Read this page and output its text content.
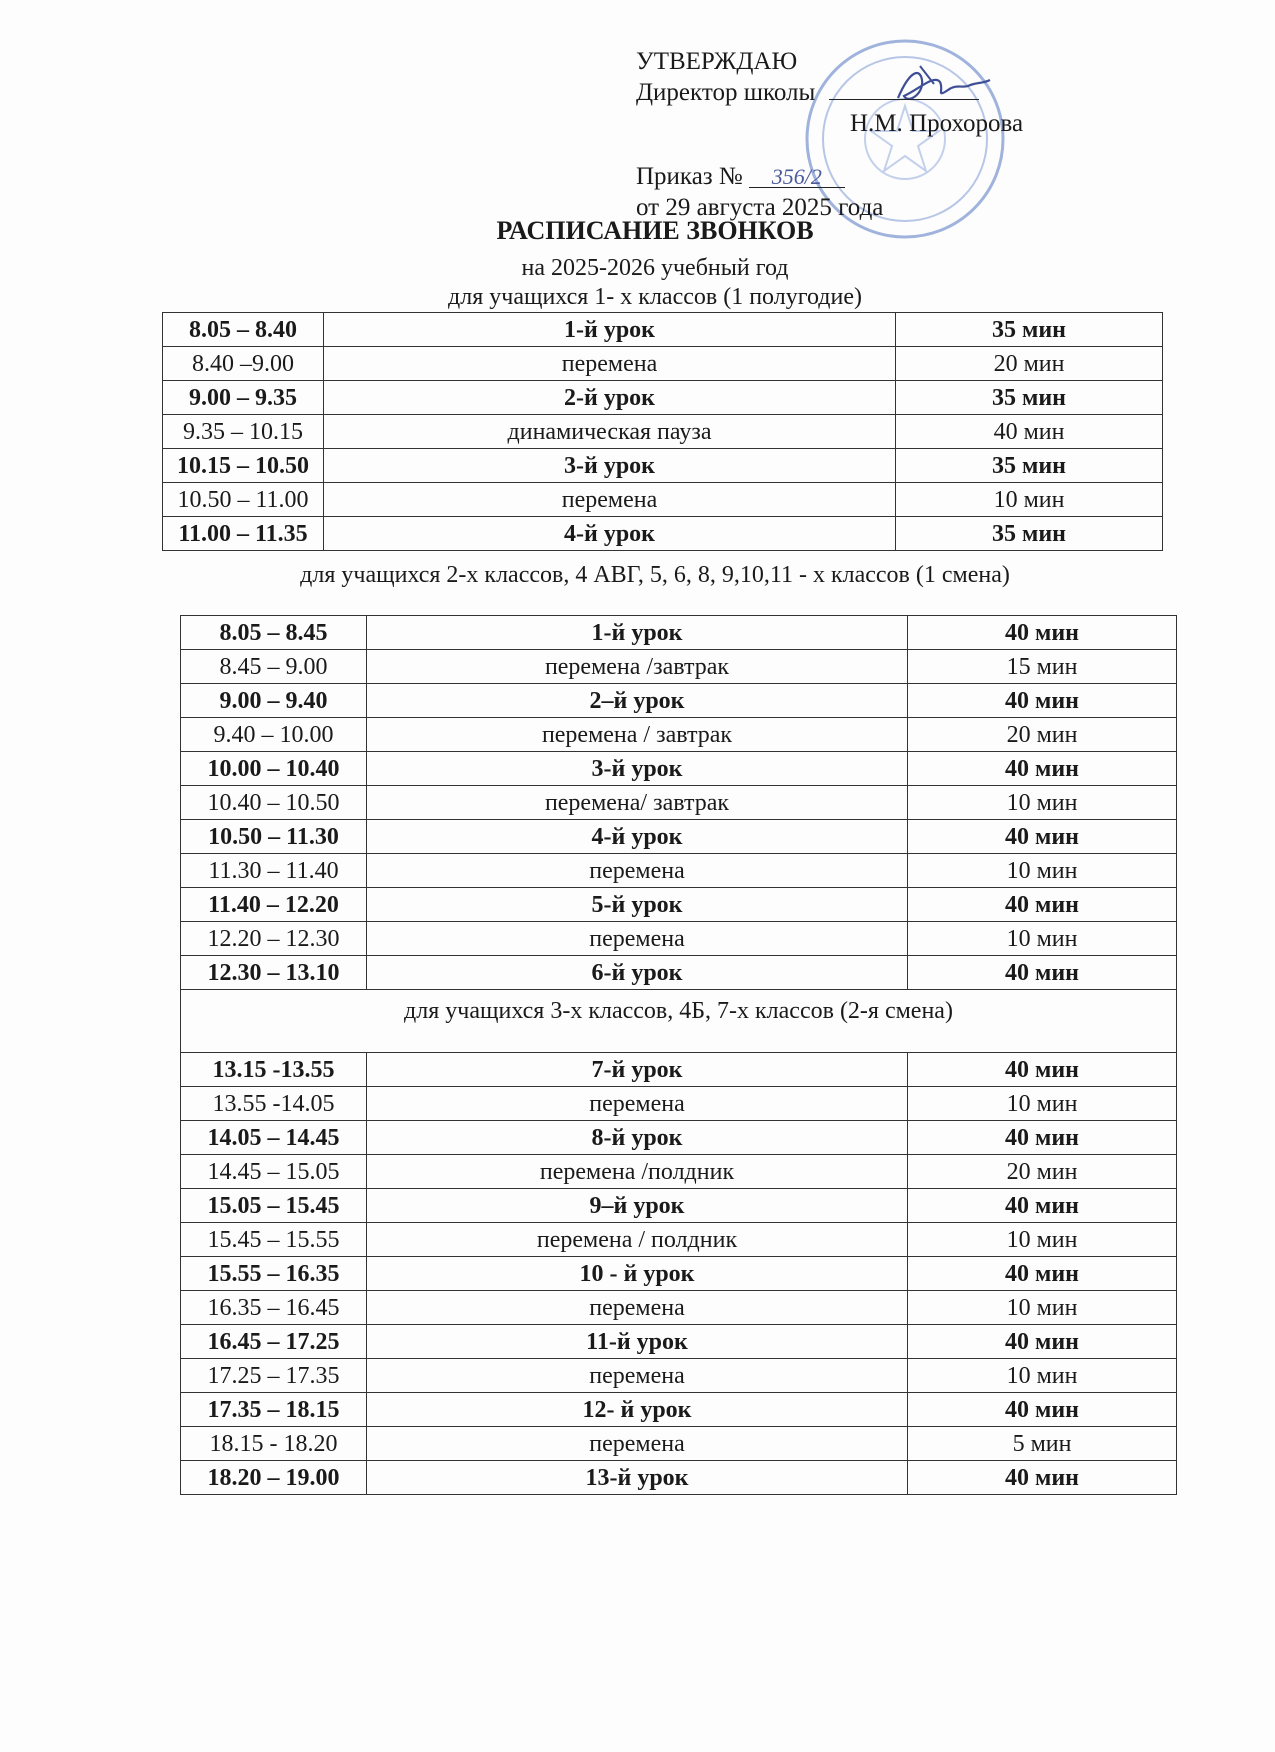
УТВЕРЖДАЮ
Директор школы
Н.М. Прохорова
Приказ № 356/2
от 29 августа 2025 года
РАСПИСАНИЕ ЗВОНКОВ
на 2025-2026 учебный год
для учащихся 1- х классов (1 полугодие)
8.05 – 8.40	1-й урок	35 мин
8.40 –9.00	перемена	20 мин
9.00 – 9.35	2-й урок	35 мин
9.35 – 10.15	динамическая пауза	40 мин
10.15 – 10.50	3-й урок	35 мин
10.50 – 11.00	перемена	10 мин
11.00 – 11.35	4-й урок	35 мин
для учащихся 2-х классов, 4 АВГ, 5, 6, 8, 9,10,11 - х классов (1 смена)
8.05 – 8.45	1-й урок	40 мин
8.45 – 9.00	перемена /завтрак	15 мин
9.00 – 9.40	2–й урок	40 мин
9.40 – 10.00	перемена / завтрак	20 мин
10.00 – 10.40	3-й урок	40 мин
10.40 – 10.50	перемена/ завтрак	10 мин
10.50 – 11.30	4-й урок	40 мин
11.30 – 11.40	перемена	10 мин
11.40 – 12.20	5-й урок	40 мин
12.20 – 12.30	перемена	10 мин
12.30 – 13.10	6-й урок	40 мин
для учащихся 3-х классов, 4Б, 7-х классов (2-я смена)		
13.15 -13.55	7-й урок	40 мин
13.55 -14.05	перемена	10 мин
14.05 – 14.45	8-й урок	40 мин
14.45 – 15.05	перемена /полдник	20 мин
15.05 – 15.45	9–й урок	40 мин
15.45 – 15.55	перемена / полдник	10 мин
15.55 – 16.35	10 - й урок	40 мин
16.35 – 16.45	перемена	10 мин
16.45 – 17.25	11-й урок	40 мин
17.25 – 17.35	перемена	10 мин
17.35 – 18.15	12- й урок	40 мин
18.15 - 18.20	перемена	5 мин
18.20 – 19.00	13-й урок	40 мин
